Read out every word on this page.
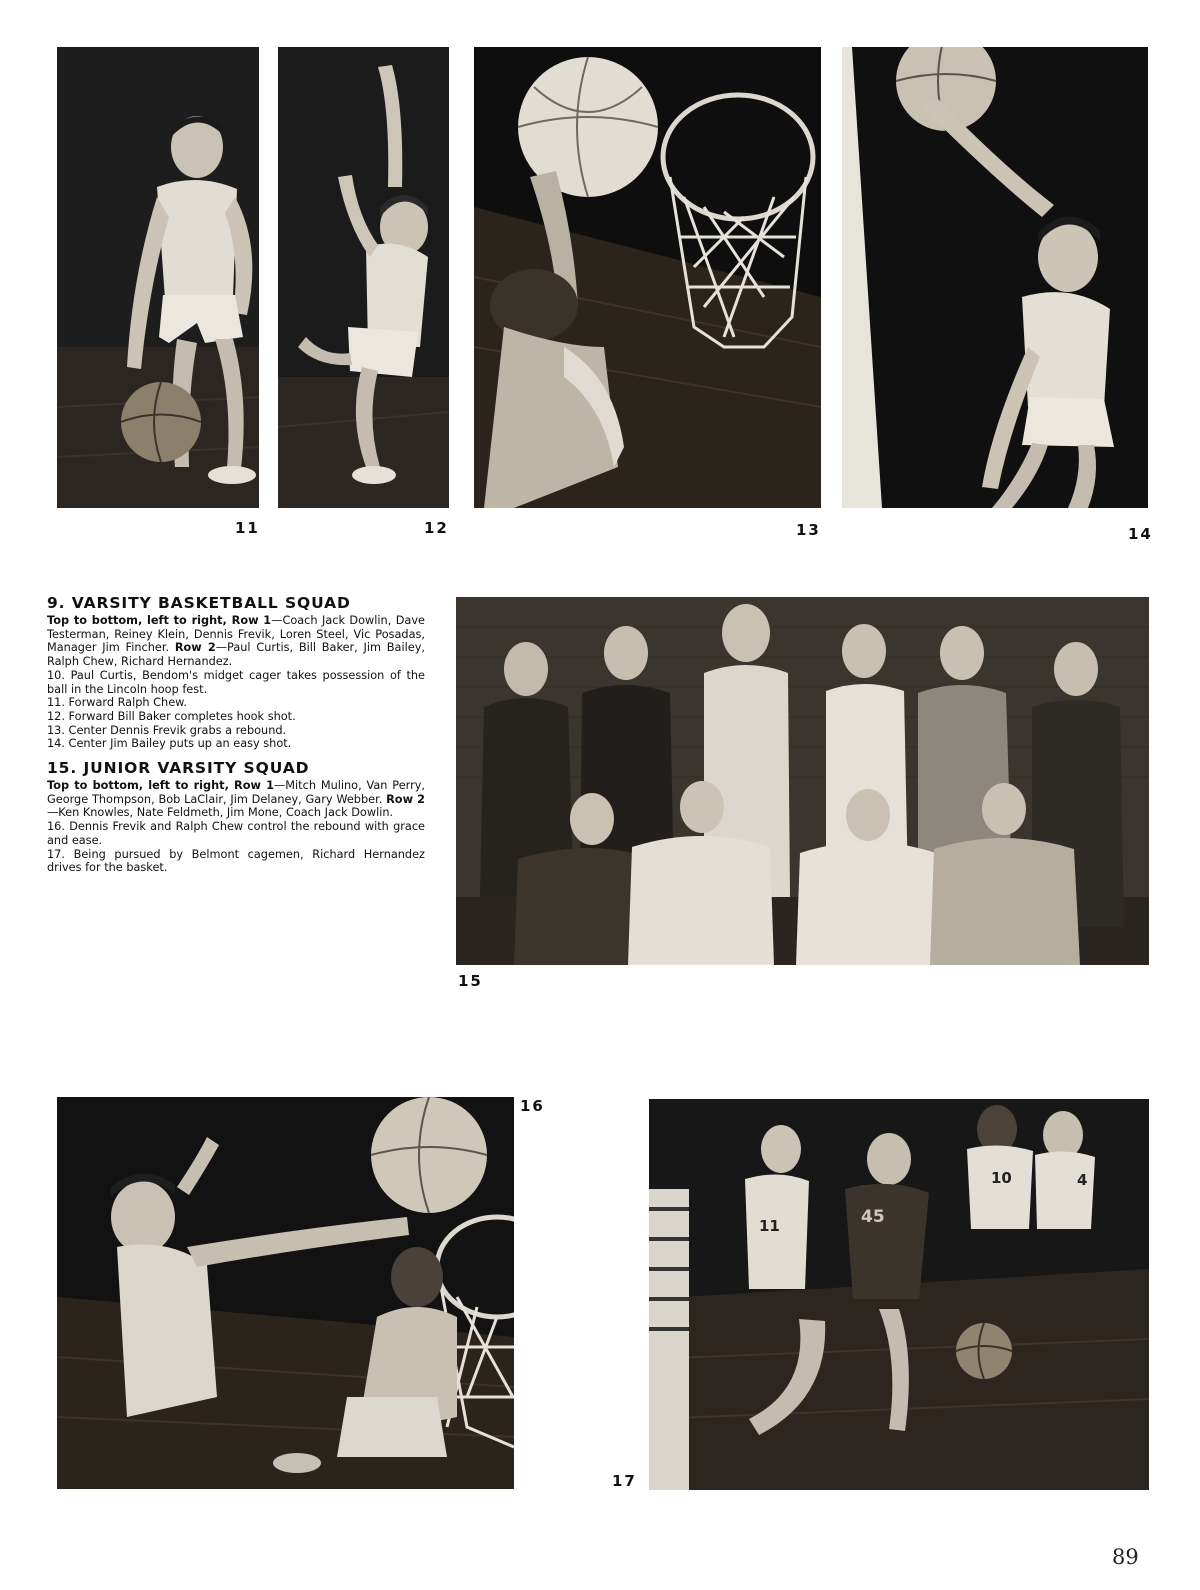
11	12	13	14
9. VARSITY BASKETBALL SQUAD

Top to bottom, left to right, Row 1—Coach Jack Dowlin, Dave Testerman, Reiney Klein, Dennis Frevik, Loren Steel, Vic Posadas, Manager Jim Fincher. Row 2—Paul Curtis, Bill Baker, Jim Bailey, Ralph Chew, Richard Hernandez.

10. Paul Curtis, Bendom's midget cager takes possession of the ball in the Lincoln hoop fest.

11. Forward Ralph Chew.

12. Forward Bill Baker completes hook shot.

13. Center Dennis Frevik grabs a rebound.

14. Center Jim Bailey puts up an easy shot.

15. JUNIOR VARSITY SQUAD

Top to bottom, left to right, Row 1—Mitch Mulino, Van Perry, George Thompson, Bob LaClair, Jim Delaney, Gary Webber. Row 2—Ken Knowles, Nate Feldmeth, Jim Mone, Coach Jack Dowlin.

16. Dennis Frevik and Ralph Chew control the rebound with grace and ease.

17. Being pursued by Belmont cagemen, Richard Hernandez drives for the basket.

15
16
10	4
45
11
17
89
